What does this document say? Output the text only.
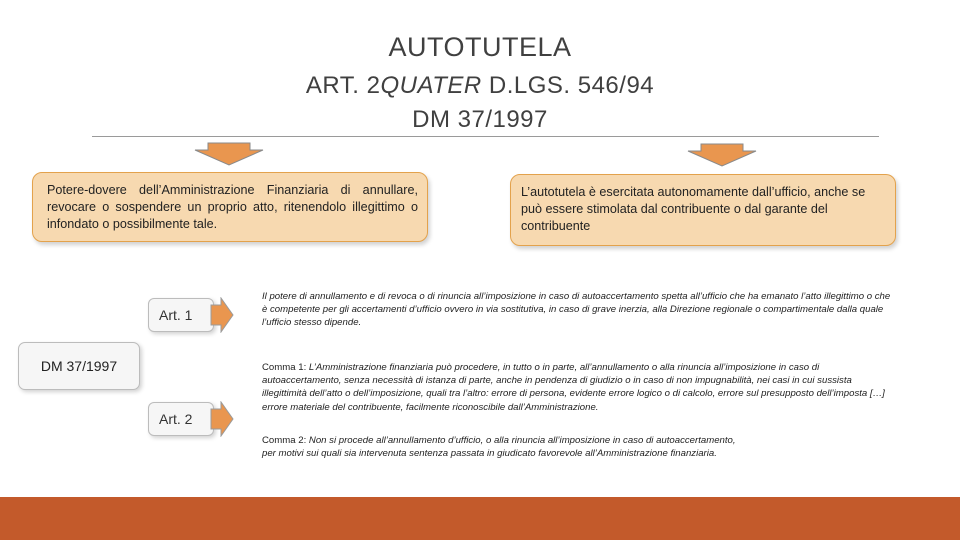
AUTOTUTELA
ART. 2QUATER D.LGS. 546/94
DM 37/1997
Potere-dovere dell’Amministrazione Finanziaria di annullare, revocare o sospendere un proprio atto, ritenendolo illegittimo o infondato o possibilmente tale.
L’autotutela è esercitata autonomamente dall’ufficio, anche se può essere stimolata dal contribuente o dal garante del contribuente
DM 37/1997
Art. 1
Art. 2
Il potere di annullamento e di revoca o di rinuncia all’imposizione in caso di autoaccertamento spetta all’ufficio che ha emanato l’atto illegittimo o che è competente per gli accertamenti d’ufficio ovvero in via sostitutiva, in caso di grave inerzia, alla Direzione regionale o compartimentale dalla quale l’ufficio stesso dipende.
Comma 1: L’Amministrazione finanziaria può procedere, in tutto o in parte, all’annullamento o alla rinuncia all’imposizione in caso di autoaccertamento, senza necessità di istanza di parte, anche in pendenza di giudizio o in caso di non impugnabilità, nei casi in cui sussista illegittimità dell’atto o dell’imposizione, quali tra l’altro: errore di persona, evidente errore logico o di calcolo, errore sul presupposto dell’imposta […] errore materiale del contribuente, facilmente riconoscibile dall’Amministrazione.
Comma 2: Non si procede all’annullamento d’ufficio, o alla rinuncia all’imposizione in caso di autoaccertamento, per motivi sui quali sia intervenuta sentenza passata in giudicato favorevole all’Amministrazione finanziaria.
